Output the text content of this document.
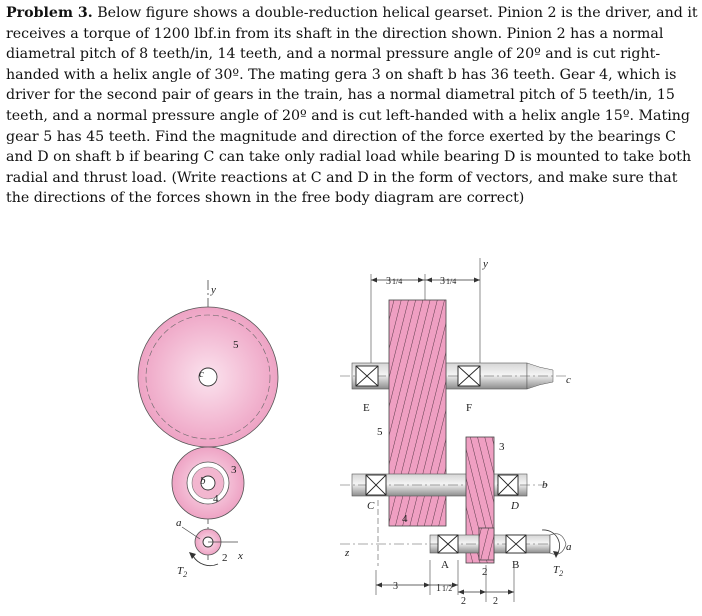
Problem 3. Below figure shows a double-reduction helical gearset. Pinion 2 is the driver, and it receives a torque of 1200 lbf.in from its shaft in the direction shown. Pinion 2 has a normal diametral pitch of 8 teeth/in, 14 teeth, and a normal pressure angle of 20º and is cut right-handed with a helix angle of 30º. The mating gera 3 on shaft b has 36 teeth. Gear 4, which is driver for the second pair of gears in the train, has a normal diametral pitch of 5 teeth/in, 15 teeth, and a normal pressure angle of 20º and is cut left-handed with a helix angle 15º. Mating gear 5 has 45 teeth. Find the magnitude and direction of the force exerted by the bearings C and D on shaft b if bearing C can take only radial load while bearing D is mounted to take both radial and thrust load. (Write reactions at C and D in the form of vectors, and make sure that the directions of the forces shown in the free body diagram are correct)
y
c
5
b
3
4
2
a
x
$T_2$
31/4	31/4
y
c
E	F
5
b
C
3
D
4
a
$T_2$
A
2
B
z
3	11/2
2	2
